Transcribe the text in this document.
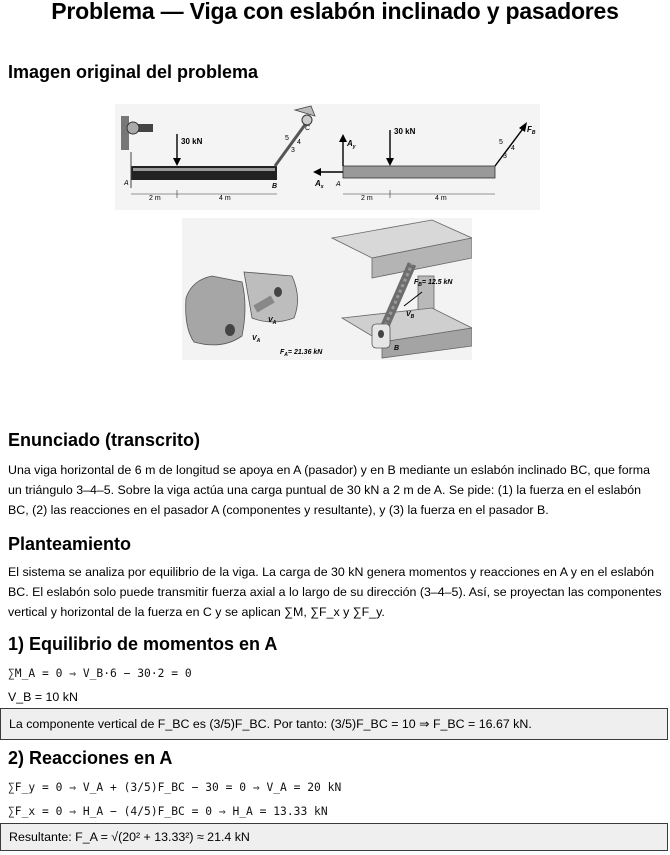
Problema — Viga con eslabón inclinado y pasadores
Imagen original del problema
30 kN
A	B
C
5
4
3
2 m	4 m
$F_B$
5
4
3
$A_y$
$A_x$ A
30 kN
2 m	4 m
$V_A$
$V_A$
$F_A= 21.36$ kN
B
$F_B= 12.5$ kN
$V_B$
Enunciado (transcrito)

Una viga horizontal de 6 m de longitud se apoya en A (pasador) y en B mediante un eslabón inclinado BC, que forma un triángulo 3–4–5. Sobre la viga actúa una carga puntual de 30 kN a 2 m de A. Se pide: (1) la fuerza en el eslabón BC, (2) las reacciones en el pasador A (componentes y resultante), y (3) la fuerza en el pasador B.

Planteamiento

El sistema se analiza por equilibrio de la viga. La carga de 30 kN genera momentos y reacciones en A y en el eslabón BC. El eslabón solo puede transmitir fuerza axial a lo largo de su dirección (3–4–5). Así, se proyectan las componentes vertical y horizontal de la fuerza en C y se aplican ∑M, ∑F_x y ∑F_y.

1) Equilibrio de momentos en A
∑M_A = 0 ⇒ V_B·6 − 30·2 = 0
V_B = 10 kN
La componente vertical de F_BC es (3/5)F_BC. Por tanto: (3/5)F_BC = 10 ⇒ F_BC = 16.67 kN.
2) Reacciones en A
∑F_y = 0 ⇒ V_A + (3/5)F_BC − 30 = 0 ⇒ V_A = 20 kN
∑F_x = 0 ⇒ H_A − (4/5)F_BC = 0 ⇒ H_A = 13.33 kN
Resultante: F_A = √(20² + 13.33²) ≈ 21.4 kN
